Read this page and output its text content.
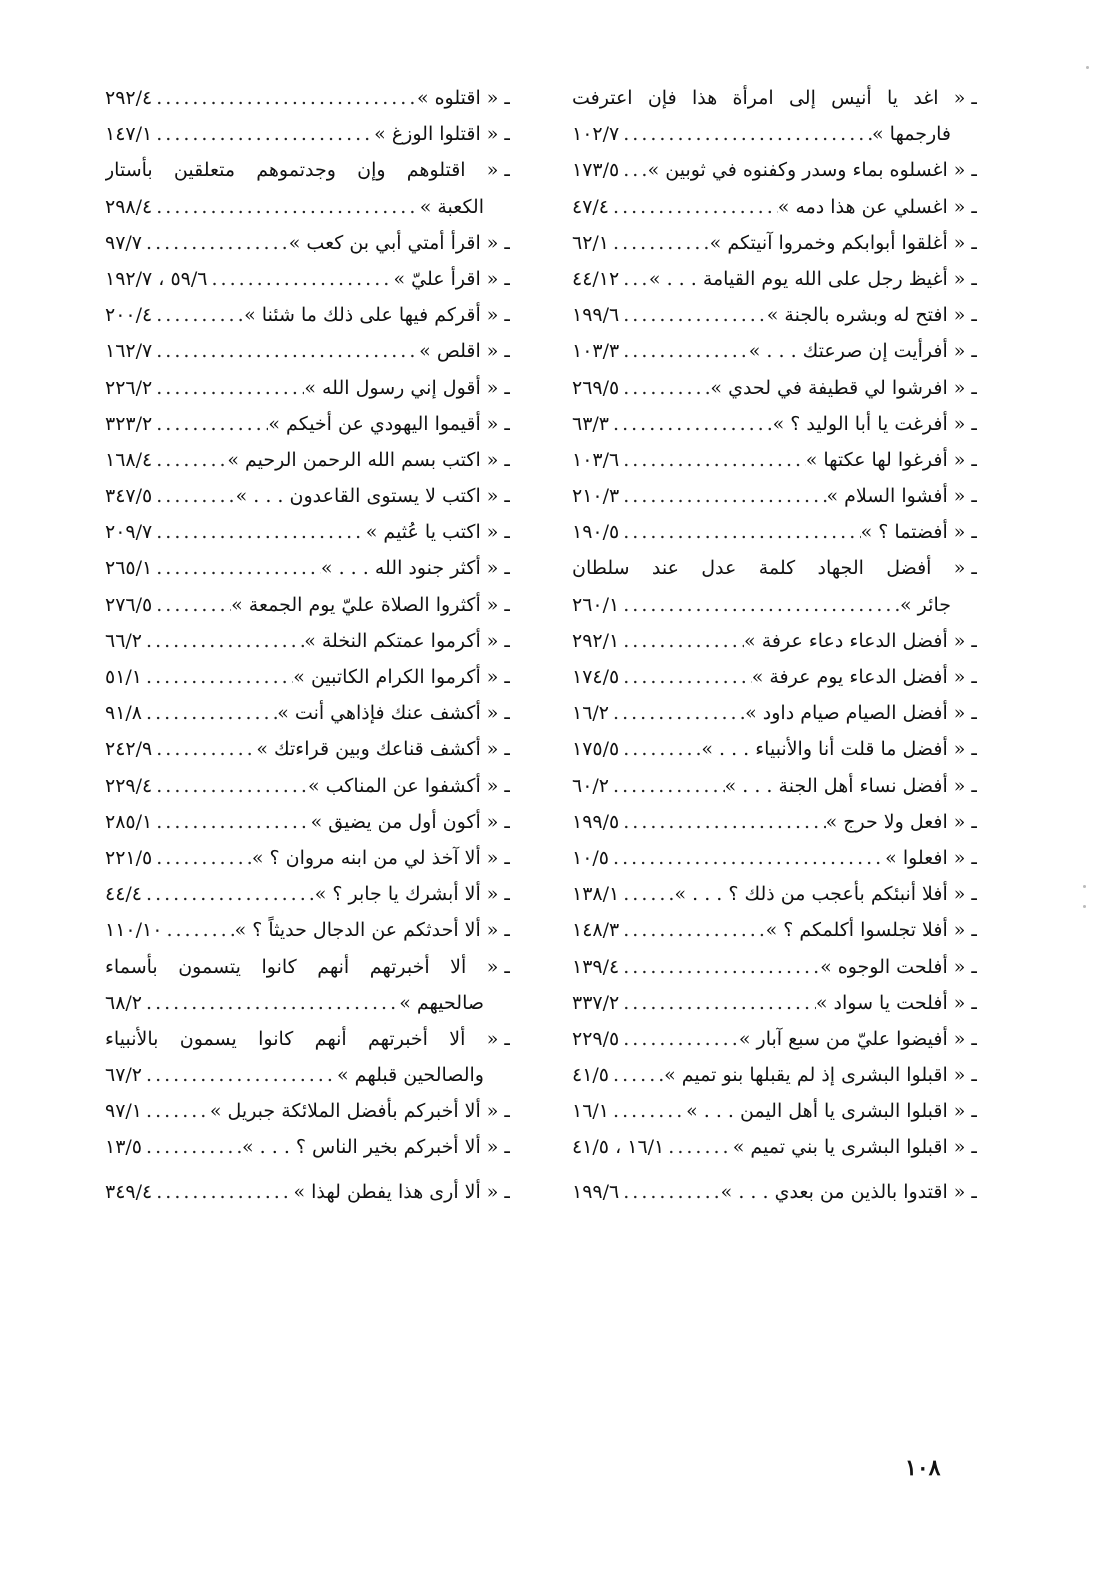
ـ
« اغد يا أنيس إلى امرأة هذا فإن اعترفت
فارجمها »
.....
١٠٢/٧
ـ
« اغسلوه بماء وسدر وكفنوه في ثوبين »
.....
١٧٣/٥
ـ
« اغسلي عن هذا دمه »
.....
٤٧/٤
ـ
« أغلقوا أبوابكم وخمروا آنيتكم »
.....
٦٢/١
ـ
« أغيظ رجل على الله يوم القيامة . . . »
.....
٤٤/١٢
ـ
« افتح له وبشره بالجنة »
.....
١٩٩/٦
ـ
« أفرأيت إن صرعتك . . . »
.....
١٠٣/٣
ـ
« افرشوا لي قطيفة في لحدي »
.....
٢٦٩/٥
ـ
« أفرغت يا أبا الوليد ؟ »
.....
٦٣/٣
ـ
« أفرغوا لها عكتها »
.....
١٠٣/٦
ـ
« أفشوا السلام »
.....
٢١٠/٣
ـ
« أفضتما ؟ »
.....
١٩٠/٥
ـ
« أفضل الجهاد كلمة عدل عند سلطان
جائر »
.....
٢٦٠/١
ـ
« أفضل الدعاء دعاء عرفة »
.....
٢٩٢/١
ـ
« أفضل الدعاء يوم عرفة »
.....
١٧٤/٥
ـ
« أفضل الصيام صيام داود »
.....
١٦/٢
ـ
« أفضل ما قلت أنا والأنبياء . . . »
.....
١٧٥/٥
ـ
« أفضل نساء أهل الجنة . . . »
.....
٦٠/٢
ـ
« افعل ولا حرج »
.....
١٩٩/٥
ـ
« افعلوا »
.....
١٠/٥
ـ
« أفلا أنبئكم بأعجب من ذلك ؟ . . . »
.....
١٣٨/١
ـ
« أفلا تجلسوا أكلمكم ؟ »
.....
١٤٨/٣
ـ
« أفلحت الوجوه »
.....
١٣٩/٤
ـ
« أفلحت يا سواد »
.....
٣٣٧/٢
ـ
« أفيضوا عليّ من سبع آبار »
.....
٢٢٩/٥
ـ
« اقبلوا البشرى إذ لم يقبلها بنو تميم »
.....
٤١/٥
ـ
« اقبلوا البشرى يا أهل اليمن . . . »
.....
١٦/١
ـ
« اقبلوا البشرى يا بني تميم »
.....
١٦/١ ، ٤١/٥
ـ
« اقتدوا بالذين من بعدي . . . »
.....
١٩٩/٦
ـ
« اقتلوه »
.....
٢٩٢/٤
ـ
« اقتلوا الوزغ »
.....
١٤٧/١
ـ
« اقتلوهم وإن وجدتموهم متعلقين بأستار
الكعبة »
.....
٢٩٨/٤
ـ
« اقرأ أمتي أبي بن كعب »
.....
٩٧/٧
ـ
« اقرأ عليّ »
.....
٥٩/٦ ، ١٩٢/٧
ـ
« أقركم فيها على ذلك ما شئنا »
.....
٢٠٠/٤
ـ
« اقلص »
.....
١٦٢/٧
ـ
« أقول إني رسول الله »
.....
٢٢٦/٢
ـ
« أقيموا اليهودي عن أخيكم »
.....
٣٢٣/٢
ـ
« اكتب بسم الله الرحمن الرحيم »
.....
١٦٨/٤
ـ
« اكتب لا يستوى القاعدون . . . »
.....
٣٤٧/٥
ـ
« اكتب يا عُثيم »
.....
٢٠٩/٧
ـ
« أكثر جنود الله . . . »
.....
٢٦٥/١
ـ
« أكثروا الصلاة عليّ يوم الجمعة »
.....
٢٧٦/٥
ـ
« أكرموا عمتكم النخلة »
.....
٦٦/٢
ـ
« أكرموا الكرام الكاتبين »
.....
٥١/١
ـ
« أكشف عنك فإذاهي أنت »
.....
٩١/٨
ـ
« أكشف قناعك وبين قراءتك »
.....
٢٤٢/٩
ـ
« أكشفوا عن المناكب »
.....
٢٢٩/٤
ـ
« أكون أول من يضيق »
.....
٢٨٥/١
ـ
« ألا آخذ لي من ابنه مروان ؟ »
.....
٢٢١/٥
ـ
« ألا أبشرك يا جابر ؟ »
.....
٤٤/٤
ـ
« ألا أحدثكم عن الدجال حديثاً ؟ »
.....
١١٠/١٠
ـ
« ألا أخبرتهم أنهم كانوا يتسمون بأسماء
صالحيهم »
.....
٦٨/٢
ـ
« ألا أخبرتهم أنهم كانوا يسمون بالأنبياء
والصالحين قبلهم »
.....
٦٧/٢
ـ
« ألا أخبركم بأفضل الملائكة جبريل »
.....
٩٧/١
ـ
« ألا أخبركم بخير الناس ؟ . . . »
.....
١٣/٥
ـ
« ألا أرى هذا يفطن لهذا »
.....
٣٤٩/٤
١٠٨
